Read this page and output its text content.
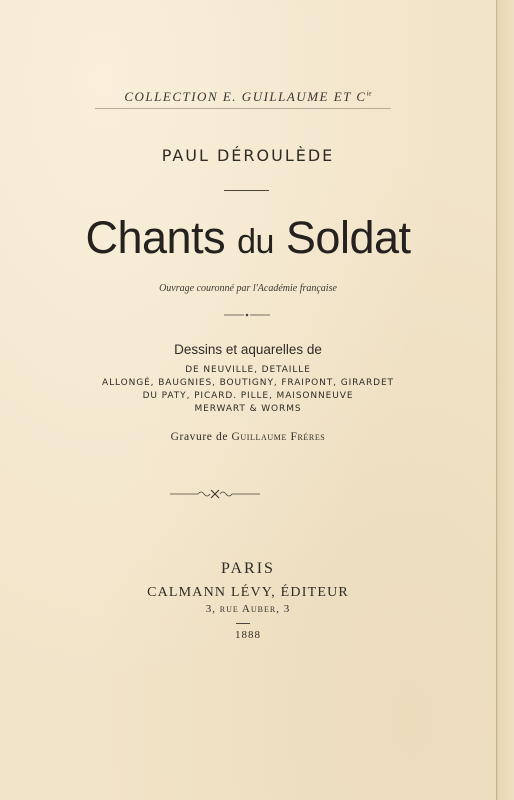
COLLECTION E. GUILLAUME ET $C^{ie}$
PAUL DÉROULÈDE
Chants du Soldat
Ouvrage couronné par l'Académie française
Dessins et aquarelles de
DE NEUVILLE, DETAILLE
ALLONGÉ, BAUGNIES, BOUTIGNY, FRAIPONT, GIRARDET
DU PATY, PICARD. PILLE, MAISONNEUVE
MERWART & WORMS
Gravure de Guillaume Fréres
PARIS
CALMANN LÉVY, ÉDITEUR
3, rue Auber, 3
1888
